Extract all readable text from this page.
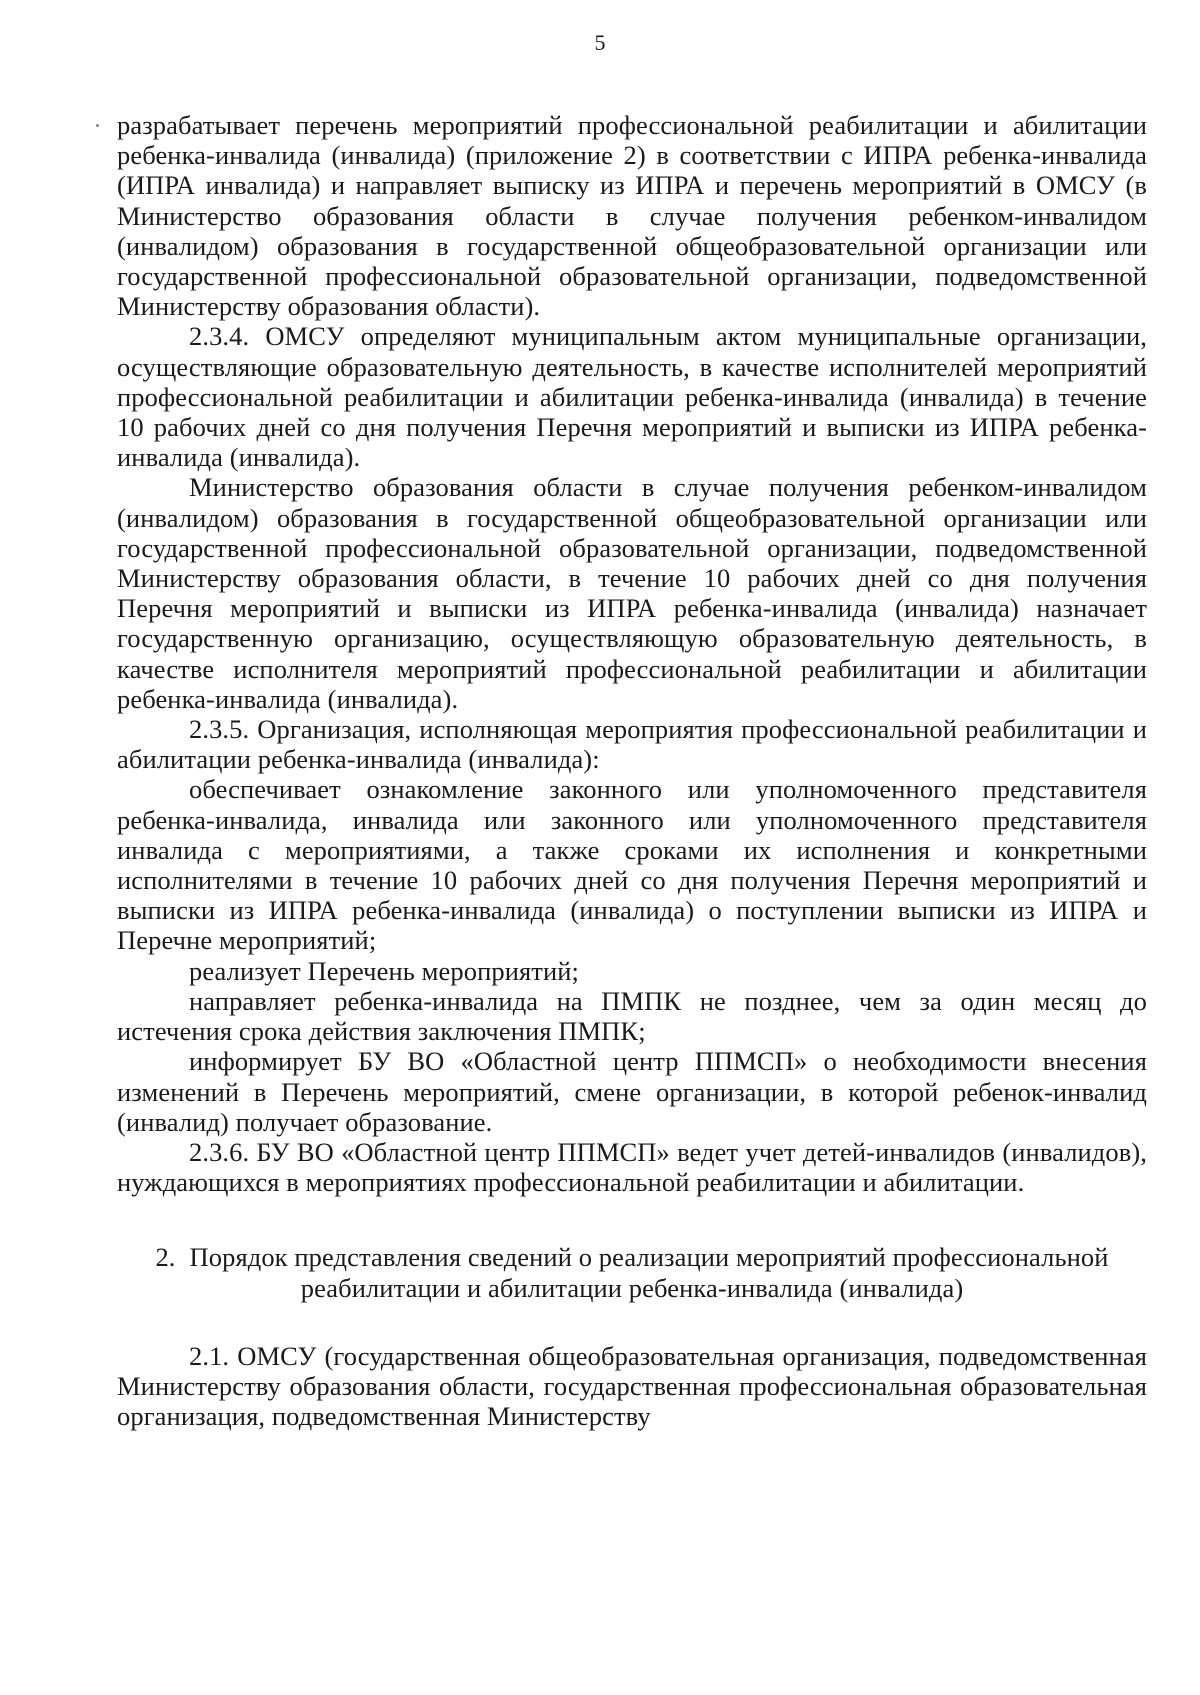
5

разрабатывает перечень мероприятий профессиональной реабилитации и абилитации ребенка-инвалида (инвалида) (приложение 2) в соответствии с ИПРА ребенка-инвалида (ИПРА инвалида) и направляет выписку из ИПРА и перечень мероприятий в ОМСУ (в Министерство образования области в случае получения ребенком-инвалидом (инвалидом) образования в государственной общеобразовательной организации или государственной профессиональной образовательной организации, подведомственной Министерству образования области).

2.3.4. ОМСУ определяют муниципальным актом муниципальные организации, осуществляющие образовательную деятельность, в качестве исполнителей мероприятий профессиональной реабилитации и абилитации ребенка-инвалида (инвалида) в течение 10 рабочих дней со дня получения Перечня мероприятий и выписки из ИПРА ребенка-инвалида (инвалида).

Министерство образования области в случае получения ребенком-инвалидом (инвалидом) образования в государственной общеобразовательной организации или государственной профессиональной образовательной организации, подведомственной Министерству образования области, в течение 10 рабочих дней со дня получения Перечня мероприятий и выписки из ИПРА ребенка-инвалида (инвалида) назначает государственную организацию, осуществляющую образовательную деятельность, в качестве исполнителя мероприятий профессиональной реабилитации и абилитации ребенка-инвалида (инвалида).

2.3.5. Организация, исполняющая мероприятия профессиональной реабилитации и абилитации ребенка-инвалида (инвалида):

обеспечивает ознакомление законного или уполномоченного представителя ребенка-инвалида, инвалида или законного или уполномоченного представителя инвалида с мероприятиями, а также сроками их исполнения и конкретными исполнителями в течение 10 рабочих дней со дня получения Перечня мероприятий и выписки из ИПРА ребенка-инвалида (инвалида) о поступлении выписки из ИПРА и Перечне мероприятий;

реализует Перечень мероприятий;

направляет ребенка-инвалида на ПМПК не позднее, чем за один месяц до истечения срока действия заключения ПМПК;

информирует БУ ВО «Областной центр ППМСП» о необходимости внесения изменений в Перечень мероприятий, смене организации, в которой ребенок-инвалид (инвалид) получает образование.

2.3.6. БУ ВО «Областной центр ППМСП» ведет учет детей-инвалидов (инвалидов), нуждающихся в мероприятиях профессиональной реабилитации и абилитации.

2. Порядок представления сведений о реализации мероприятий профессиональной реабилитации и абилитации ребенка-инвалида (инвалида)

2.1. ОМСУ (государственная общеобразовательная организация, подведомственная Министерству образования области, государственная профессиональная образовательная организация, подведомственная Министерству
